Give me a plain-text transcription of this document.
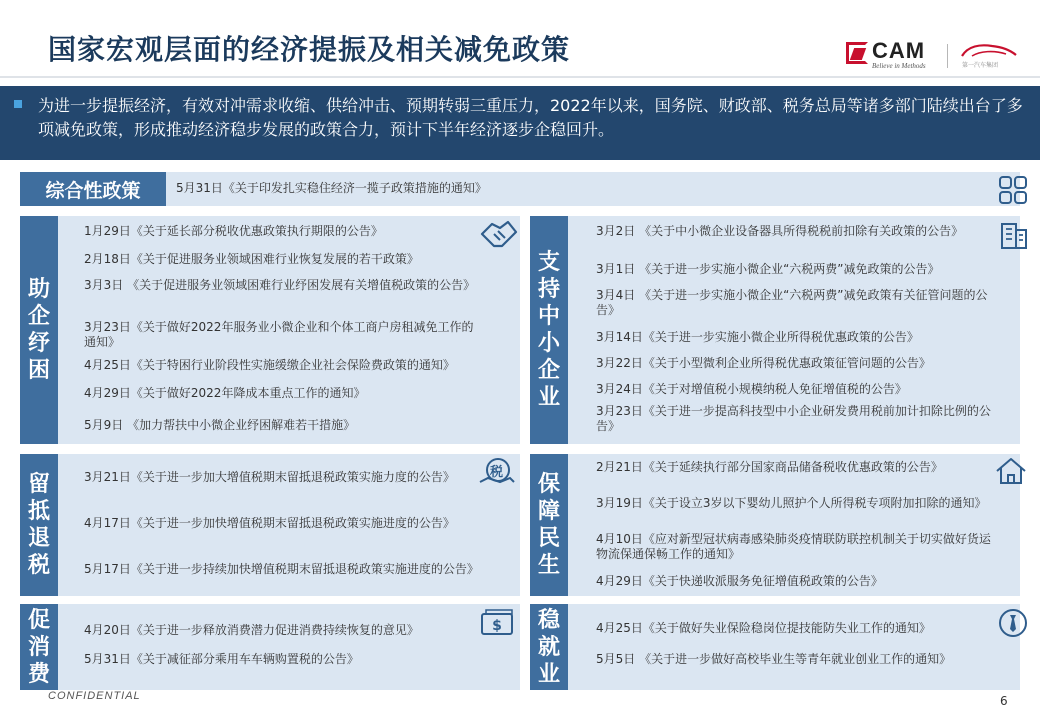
国家宏观层面的经济提振及相关减免政策	CAM
Believe in Methods	第一汽车集团
为进一步提振经济，有效对冲需求收缩、供给冲击、预期转弱三重压力，2022年以来，国务院、财政部、税务总局等诸多部门陆续出台了多项减免政策，形成推动经济稳步发展的政策合力，预计下半年经济逐步企稳回升。
综合性政策	5月31日《关于印发扎实稳住经济一揽子政策措施的通知》
助企纾困
1月29日《关于延长部分税收优惠政策执行期限的公告》
2月18日《关于促进服务业领域困难行业恢复发展的若干政策》
3月3日 《关于促进服务业领域困难行业纾困发展有关增值税政策的公告》
3月23日《关于做好2022年服务业小微企业和个体工商户房租减免工作的通知》
4月25日《关于特困行业阶段性实施缓缴企业社会保险费政策的通知》
4月29日《关于做好2022年降成本重点工作的通知》
5月9日 《加力帮扶中小微企业纾困解难若干措施》
支持中小企业
3月2日 《关于中小微企业设备器具所得税税前扣除有关政策的公告》
3月1日 《关于进一步实施小微企业“六税两费”减免政策的公告》
3月4日 《关于进一步实施小微企业“六税两费”减免政策有关征管问题的公告》
3月14日《关于进一步实施小微企业所得税优惠政策的公告》
3月22日《关于小型微利企业所得税优惠政策征管问题的公告》
3月24日《关于对增值税小规模纳税人免征增值税的公告》
3月23日《关于进一步提高科技型中小企业研发费用税前加计扣除比例的公告》
留抵退税
3月21日《关于进一步加大增值税期末留抵退税政策实施力度的公告》
4月17日《关于进一步加快增值税期末留抵退税政策实施进度的公告》
5月17日《关于进一步持续加快增值税期末留抵退税政策实施进度的公告》
税 保障民生
2月21日《关于延续执行部分国家商品储备税收优惠政策的公告》
3月19日《关于设立3岁以下婴幼儿照护个人所得税专项附加扣除的通知》
4月10日《应对新型冠状病毒感染肺炎疫情联防联控机制关于切实做好货运物流保通保畅工作的通知》
4月29日《关于快递收派服务免征增值税政策的公告》
促消费
4月20日《关于进一步释放消费潜力促进消费持续恢复的意见》
5月31日《关于减征部分乘用车车辆购置税的公告》
$ 稳就业
4月25日《关于做好失业保险稳岗位提技能防失业工作的通知》
5月5日 《关于进一步做好高校毕业生等青年就业创业工作的通知》
CONFIDENTIAL	6
